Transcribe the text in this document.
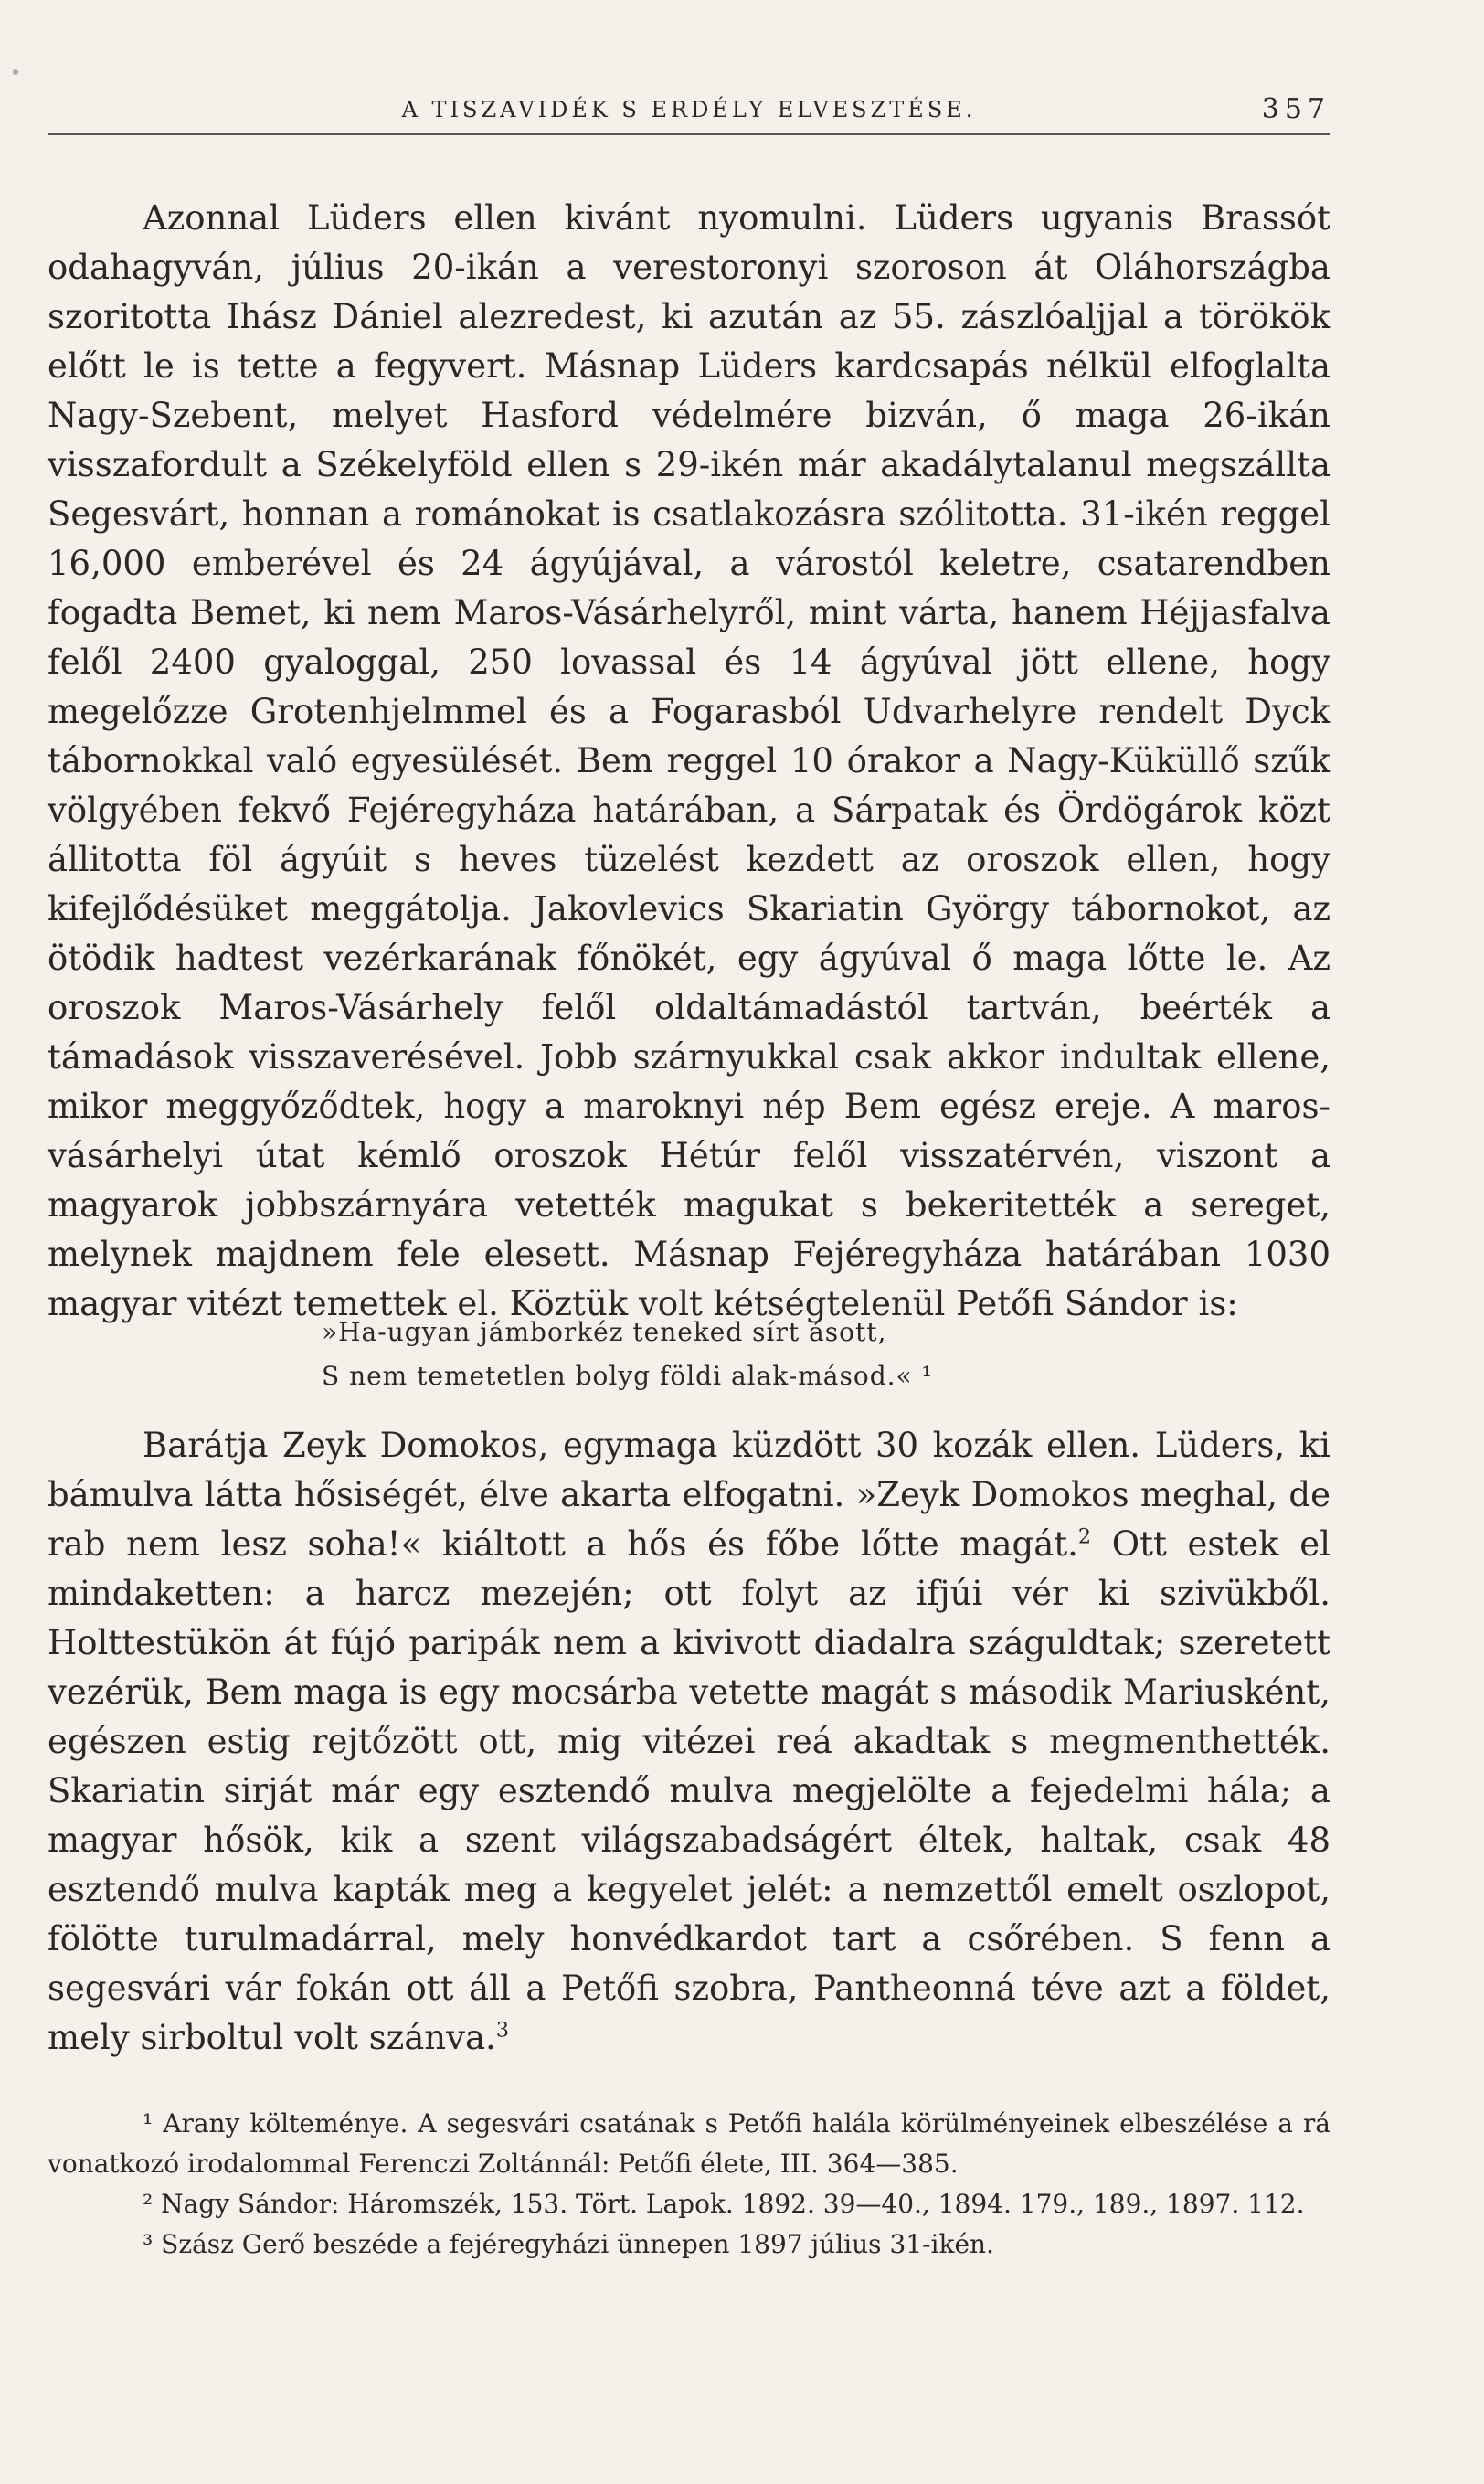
A TISZAVIDÉK S ERDÉLY ELVESZTÉSE.	357

Azonnal Lüders ellen kivánt nyomulni. Lüders ugyanis Brassót odahagyván, július 20-ikán a verestoronyi szoroson át Oláhországba szoritotta Ihász Dániel alezredest, ki azután az 55. zászlóaljjal a törökök előtt le is tette a fegyvert. Másnap Lüders kardcsapás nélkül elfoglalta Nagy-Szebent, melyet Hasford védelmére bizván, ő maga 26-ikán visszafordult a Székelyföld ellen s 29-ikén már akadálytalanul megszállta Segesvárt, honnan a románokat is csatlakozásra szólitotta. 31-ikén reggel 16,000 emberével és 24 ágyújával, a várostól keletre, csatarendben fogadta Bemet, ki nem Maros-Vásárhelyről, mint várta, hanem Héjjasfalva felől 2400 gyaloggal, 250 lovassal és 14 ágyúval jött ellene, hogy megelőzze Grotenhjelmmel és a Fogarasból Udvarhelyre rendelt Dyck tábornokkal való egyesülését. Bem reggel 10 órakor a Nagy-Küküllő szűk völgyében fekvő Fejéregyháza határában, a Sárpatak és Ördögárok közt állitotta föl ágyúit s heves tüzelést kezdett az oroszok ellen, hogy kifejlődésüket meggátolja. Jakovlevics Skariatin György tábornokot, az ötödik hadtest vezérkarának főnökét, egy ágyúval ő maga lőtte le. Az oroszok Maros-Vásárhely felől oldaltámadástól tartván, beérték a támadások visszaverésével. Jobb szárnyukkal csak akkor indultak ellene, mikor meggyőződtek, hogy a maroknyi nép Bem egész ereje. A maros-vásárhelyi útat kémlő oroszok Hétúr felől visszatérvén, viszont a magyarok jobbszárnyára vetették magukat s bekeritették a sereget, melynek majdnem fele elesett. Másnap Fejéregyháza határában 1030 magyar vitézt temettek el. Köztük volt kétségtelenül Petőfi Sándor is:

»Ha-ugyan jámborkéz teneked sírt ásott,
S nem temetetlen bolyg földi alak-másod.« ¹

Barátja Zeyk Domokos, egymaga küzdött 30 kozák ellen. Lüders, ki bámulva látta hősiségét, élve akarta elfogatni. »Zeyk Domokos meghal, de rab nem lesz soha!« kiáltott a hős és főbe lőtte magát.$^2$ Ott estek el mindaketten: a harcz mezején; ott folyt az ifjúi vér ki szivükből. Holttestükön át fújó paripák nem a kivivott diadalra száguldtak; szeretett vezérük, Bem maga is egy mocsárba vetette magát s második Mariusként, egészen estig rejtőzött ott, mig vitézei reá akadtak s megmenthették. Skariatin sirját már egy esztendő mulva megjelölte a fejedelmi hála; a magyar hősök, kik a szent világszabadságért éltek, haltak, csak 48 esztendő mulva kapták meg a kegyelet jelét: a nemzettől emelt oszlopot, fölötte turulmadárral, mely honvédkardot tart a csőrében. S fenn a segesvári vár fokán ott áll a Petőfi szobra, Pantheonná téve azt a földet, mely sirboltul volt szánva.$^3$

¹ Arany költeménye. A segesvári csatának s Petőfi halála körülményeinek elbeszélése a rá vonatkozó irodalommal Ferenczi Zoltánnál: Petőfi élete, III. 364—385.

² Nagy Sándor: Háromszék, 153. Tört. Lapok. 1892. 39—40., 1894. 179., 189., 1897. 112.

³ Szász Gerő beszéde a fejéregyházi ünnepen 1897 július 31-ikén.
